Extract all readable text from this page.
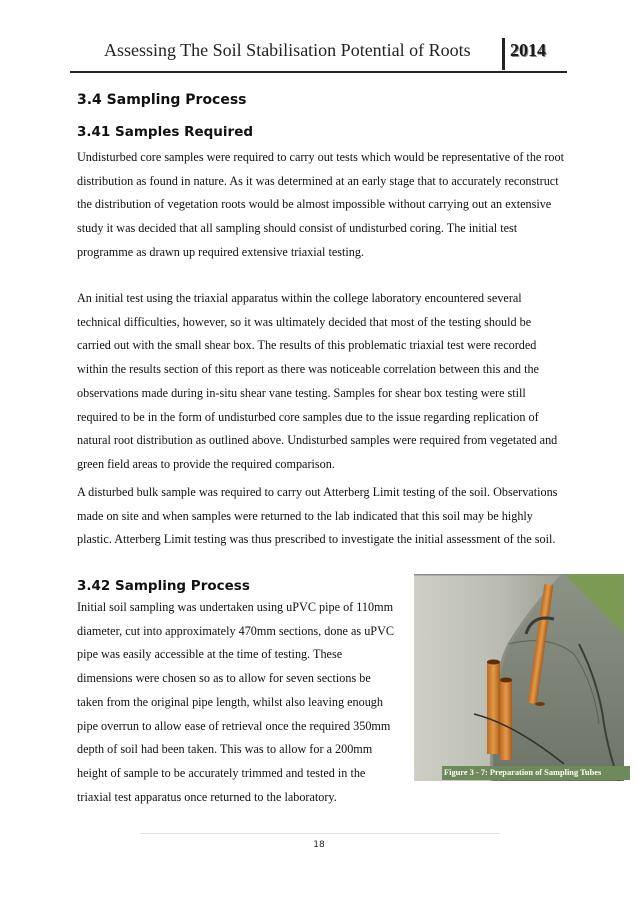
Assessing The Soil Stabilisation Potential of Roots 2014
3.4 Sampling Process
3.41 Samples Required

Undisturbed core samples were required to carry out tests which would be representative of the root distribution as found in nature. As it was determined at an early stage that to accurately reconstruct the distribution of vegetation roots would be almost impossible without carrying out an extensive study it was decided that all sampling should consist of undisturbed coring. The initial test programme as drawn up required extensive triaxial testing.

An initial test using the triaxial apparatus within the college laboratory encountered several technical difficulties, however, so it was ultimately decided that most of the testing should be carried out with the small shear box. The results of this problematic triaxial test were recorded within the results section of this report as there was noticeable correlation between this and the observations made during in-situ shear vane testing. Samples for shear box testing were still required to be in the form of undisturbed core samples due to the issue regarding replication of natural root distribution as outlined above. Undisturbed samples were required from vegetated and green field areas to provide the required comparison.

A disturbed bulk sample was required to carry out Atterberg Limit testing of the soil. Observations made on site and when samples were returned to the lab indicated that this soil may be highly plastic. Atterberg Limit testing was thus prescribed to investigate the initial assessment of the soil.

3.42 Sampling Process

Initial soil sampling was undertaken using uPVC pipe of 110mm diameter, cut into approximately 470mm sections, done as uPVC pipe was easily accessible at the time of testing. These dimensions were chosen so as to allow for seven sections be taken from the original pipe length, whilst also leaving enough pipe overrun to allow ease of retrieval once the required 350mm depth of soil had been taken. This was to allow for a 200mm height of sample to be accurately trimmed and tested in the triaxial test apparatus once returned to the laboratory.

Figure 3 - 7: Preparation of Sampling Tubes
18
